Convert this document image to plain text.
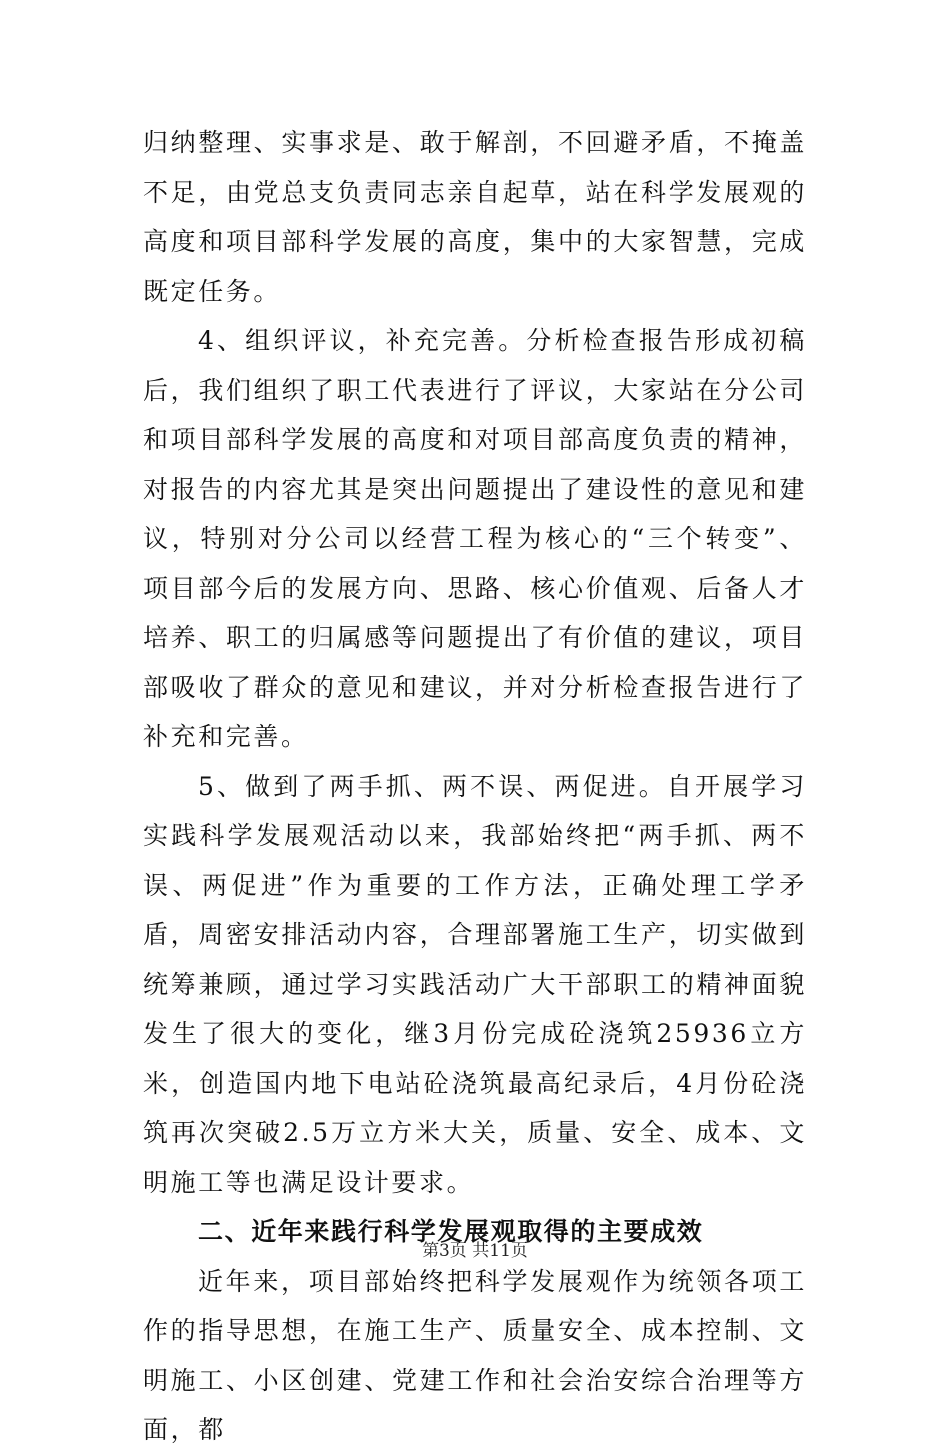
归纳整理、实事求是、敢于解剖，不回避矛盾，不掩盖不足，由党总支负责同志亲自起草，站在科学发展观的高度和项目部科学发展的高度，集中的大家智慧，完成既定任务。

4、组织评议，补充完善。分析检查报告形成初稿后，我们组织了职工代表进行了评议，大家站在分公司和项目部科学发展的高度和对项目部高度负责的精神，对报告的内容尤其是突出问题提出了建设性的意见和建议，特别对分公司以经营工程为核心的“三个转变”、项目部今后的发展方向、思路、核心价值观、后备人才培养、职工的归属感等问题提出了有价值的建议，项目部吸收了群众的意见和建议，并对分析检查报告进行了补充和完善。

5、做到了两手抓、两不误、两促进。自开展学习实践科学发展观活动以来，我部始终把“两手抓、两不误、两促进”作为重要的工作方法，正确处理工学矛盾，周密安排活动内容，合理部署施工生产，切实做到统筹兼顾，通过学习实践活动广大干部职工的精神面貌发生了很大的变化，继3月份完成砼浇筑25936立方米，创造国内地下电站砼浇筑最高纪录后，4月份砼浇筑再次突破2.5万立方米大关，质量、安全、成本、文明施工等也满足设计要求。

二、近年来践行科学发展观取得的主要成效

近年来，项目部始终把科学发展观作为统领各项工作的指导思想，在施工生产、质量安全、成本控制、文明施工、小区创建、党建工作和社会治安综合治理等方面，都

第3页 共11页
